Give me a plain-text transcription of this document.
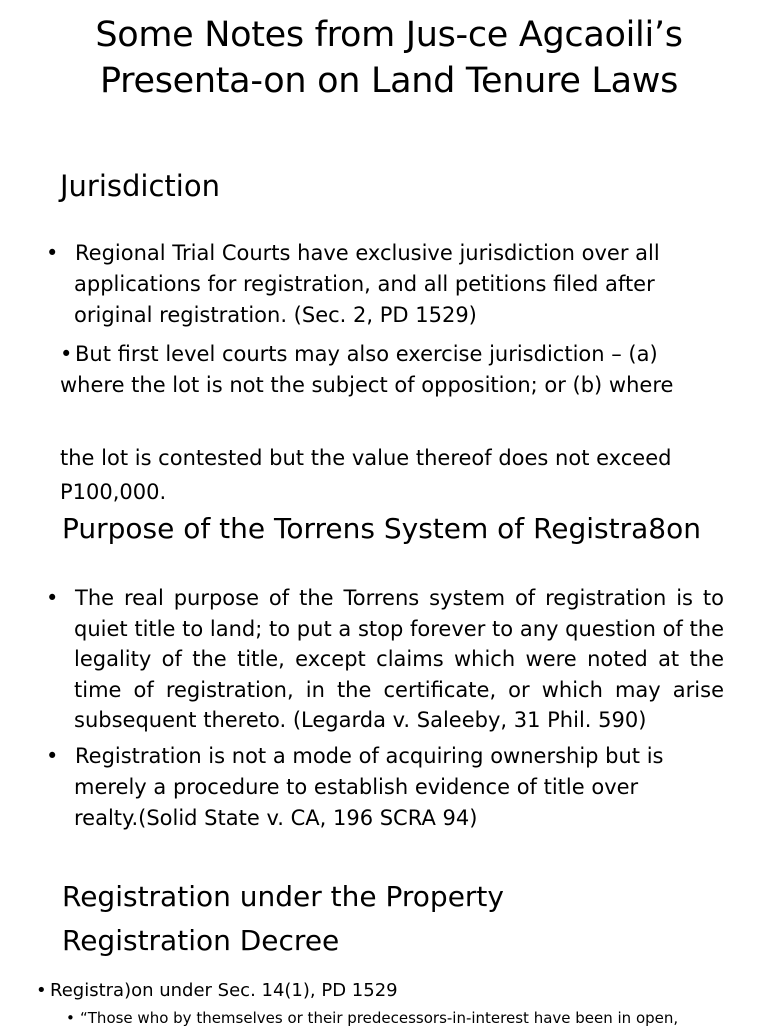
Some Notes from Jus-ce Agcaoili’s Presenta-on on Land Tenure Laws
Jurisdiction

• Regional Trial Courts have exclusive jurisdiction over all applications for registration, and all petitions filed after original registration. (Sec. 2, PD 1529)

• But first level courts may also exercise jurisdiction – (a) where the lot is not the subject of opposition; or (b) where

the lot is contested but the value thereof does not exceed P100,000.

Purpose of the Torrens System of Registra8on

• The real purpose of the Torrens system of registration is to quiet title to land; to put a stop forever to any question of the legality of the title, except claims which were noted at the time of registration, in the certificate, or which may arise subsequent thereto. (Legarda v. Saleeby, 31 Phil. 590)

• Registration is not a mode of acquiring ownership but is merely a procedure to establish evidence of title over realty.(Solid State v. CA, 196 SCRA 94)

Registration under the Property Registration Decree

• Registra)on under Sec. 14(1), PD 1529

• “Those who by themselves or their predecessors-in-interest have been in open,
